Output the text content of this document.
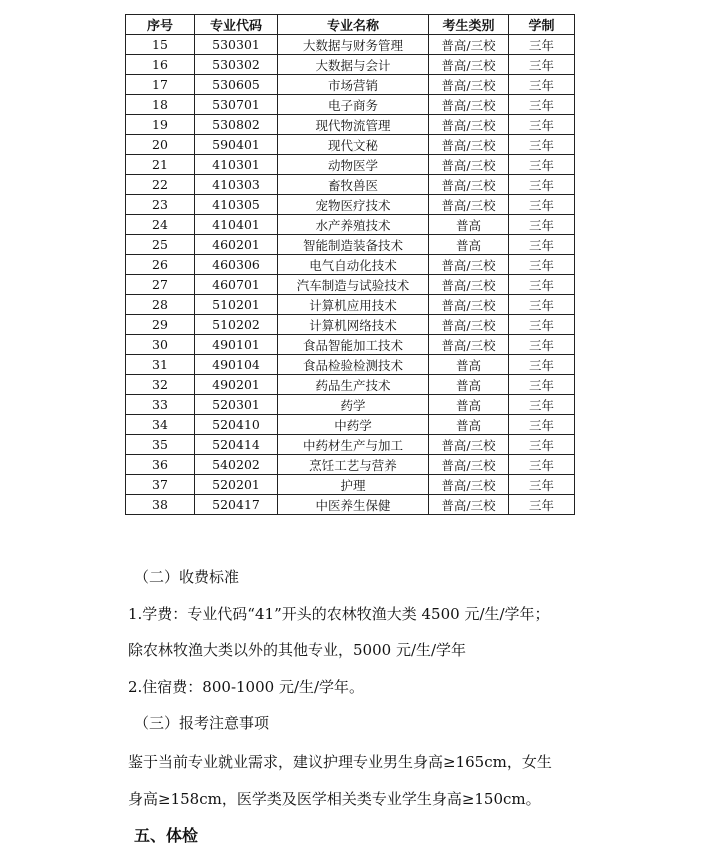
序号	专业代码	专业名称	考生类别	学制
15	530301	大数据与财务管理	普高/三校	三年
16	530302	大数据与会计	普高/三校	三年
17	530605	市场营销	普高/三校	三年
18	530701	电子商务	普高/三校	三年
19	530802	现代物流管理	普高/三校	三年
20	590401	现代文秘	普高/三校	三年
21	410301	动物医学	普高/三校	三年
22	410303	畜牧兽医	普高/三校	三年
23	410305	宠物医疗技术	普高/三校	三年
24	410401	水产养殖技术	普高	三年
25	460201	智能制造装备技术	普高	三年
26	460306	电气自动化技术	普高/三校	三年
27	460701	汽车制造与试验技术	普高/三校	三年
28	510201	计算机应用技术	普高/三校	三年
29	510202	计算机网络技术	普高/三校	三年
30	490101	食品智能加工技术	普高/三校	三年
31	490104	食品检验检测技术	普高	三年
32	490201	药品生产技术	普高	三年
33	520301	药学	普高	三年
34	520410	中药学	普高	三年
35	520414	中药材生产与加工	普高/三校	三年
36	540202	烹饪工艺与营养	普高/三校	三年
37	520201	护理	普高/三校	三年
38	520417	中医养生保健	普高/三校	三年
（二）收费标准
1.学费：专业代码“41”开头的农林牧渔大类 4500 元/生/学年；
除农林牧渔大类以外的其他专业，5000 元/生/学年
2.住宿费：800-1000 元/生/学年。
（三）报考注意事项
鉴于当前专业就业需求，建议护理专业男生身高≥165cm，女生
身高≥158cm，医学类及医学相关类专业学生身高≥150cm。
五、体检
